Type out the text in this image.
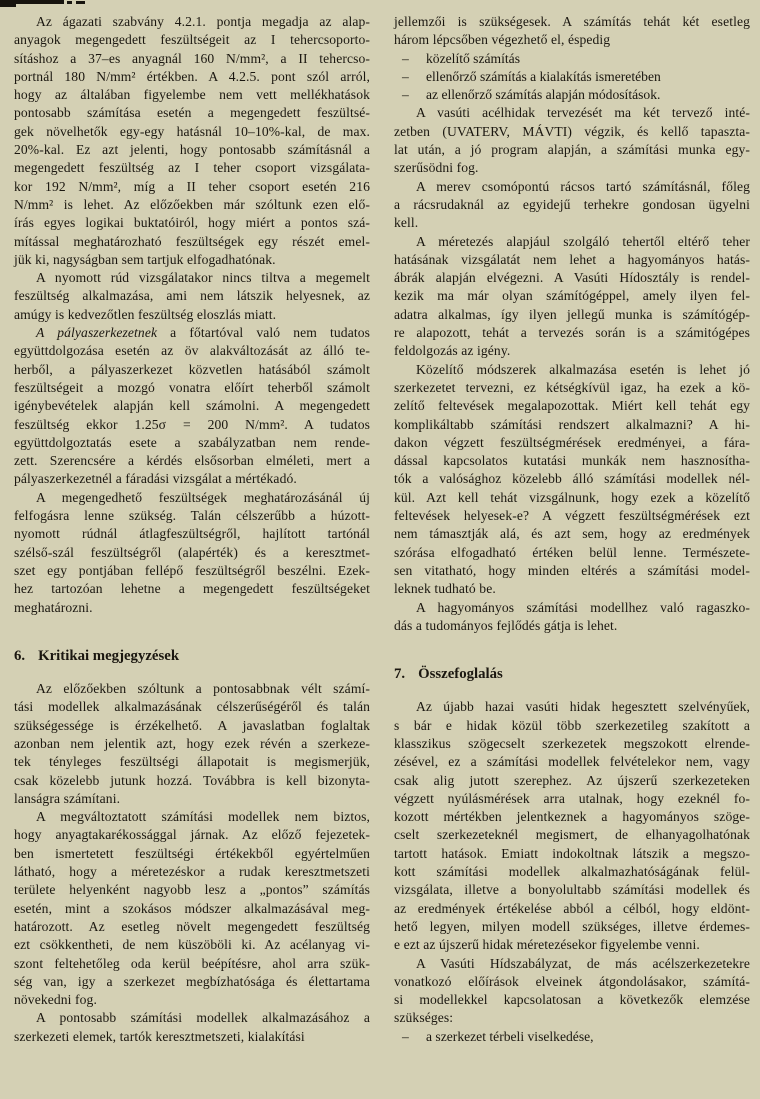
Az ágazati szabvány 4.2.1. pontja megadja az alap-
anyagok megengedett feszültségeit az I tehercsoporto-
sításhoz a 37–es anyagnál 160 N/mm², a II tehercso-
portnál 180 N/mm² értékben. A 4.2.5. pont szól arról,
hogy az általában figyelembe nem vett mellékhatások
pontosabb számítása esetén a megengedett feszültsé-
gek növelhetők egy-egy hatásnál 10–10%-kal, de max.
20%-kal. Ez azt jelenti, hogy pontosabb számításnál a
megengedett feszültség az I teher csoport vizsgálata-
kor 192 N/mm², míg a II teher csoport esetén 216
N/mm² is lehet. Az előzőekben már szóltunk ezen elő-
írás egyes logikai buktatóiról, hogy miért a pontos szá-
mítással meghatározható feszültségek egy részét emel-
jük ki, nagyságban sem tartjuk elfogadhatónak.
A nyomott rúd vizsgálatakor nincs tiltva a megemelt
feszültség alkalmazása, ami nem látszik helyesnek, az
amúgy is kedvezőtlen feszültség eloszlás miatt.
A pályaszerkezetnek a főtartóval való nem tudatos
együttdolgozása esetén az öv alakváltozását az álló te-
herből, a pályaszerkezet közvetlen hatásából számolt
feszültségeit a mozgó vonatra előírt teherből számolt
igénybevételek alapján kell számolni. A megengedett
feszültség ekkor 1.25σ = 200 N/mm². A tudatos
együttdolgoztatás esete a szabályzatban nem rende-
zett. Szerencsére a kérdés elsősorban elméleti, mert a
pályaszerkezetnél a fáradási vizsgálat a mértékadó.
A megengedhető feszültségek meghatározásánál új
felfogásra lenne szükség. Talán célszerűbb a húzott-
nyomott rúdnál átlagfeszültségről, hajlított tartónál
szélső-szál feszültségről (alapérték) és a keresztmet-
szet egy pontjában fellépő feszültségről beszélni. Ezek-
hez tartozóan lehetne a megengedett feszültségeket
meghatározni.
6. Kritikai megjegyzések
Az előzőekben szóltunk a pontosabbnak vélt számí-
tási modellek alkalmazásának célszerűségéről és talán
szükségessége is érzékelhető. A javaslatban foglaltak
azonban nem jelentik azt, hogy ezek révén a szerkeze-
tek tényleges feszültségi állapotait is megismerjük,
csak közelebb jutunk hozzá. Továbbra is kell bizonyta-
lanságra számítani.
A megváltoztatott számítási modellek nem biztos,
hogy anyagtakarékossággal járnak. Az előző fejezetek-
ben ismertetett feszültségi értékekből egyértelműen
látható, hogy a méretezéskor a rudak keresztmetszeti
területe helyenként nagyobb lesz a „pontos” számítás
esetén, mint a szokásos módszer alkalmazásával meg-
határozott. Az esetleg növelt megengedett feszültség
ezt csökkentheti, de nem küszöböli ki. Az acélanyag vi-
szont feltehetőleg oda kerül beépítésre, ahol arra szük-
ség van, igy a szerkezet megbízhatósága és élettartama
növekedni fog.
A pontosabb számítási modellek alkalmazásához a
szerkezeti elemek, tartók keresztmetszeti, kialakítási
jellemzői is szükségesek. A számítás tehát két esetleg
három lépcsőben végezhető el, éspedig
– közelítő számítás
– ellenőrző számítás a kialakítás ismeretében
– az ellenőrző számítás alapján módosítások.
A vasúti acélhidak tervezését ma két tervező inté-
zetben (UVATERV, MÁVTI) végzik, és kellő tapaszta-
lat után, a jó program alapján, a számítási munka egy-
szerűsödni fog.
A merev csomópontú rácsos tartó számításnál, főleg
a rácsrudaknál az egyidejű terhekre gondosan ügyelni
kell.
A méretezés alapjául szolgáló tehertől eltérő teher
hatásának vizsgálatát nem lehet a hagyományos hatás-
ábrák alapján elvégezni. A Vasúti Hídosztály is rendel-
kezik ma már olyan számítógéppel, amely ilyen fel-
adatra alkalmas, így ilyen jellegű munka is számítógép-
re alapozott, tehát a tervezés során is a számitógépes
feldolgozás az igény.
Közelítő módszerek alkalmazása esetén is lehet jó
szerkezetet tervezni, ez kétségkívül igaz, ha ezek a kö-
zelítő feltevések megalapozottak. Miért kell tehát egy
komplikáltabb számítási rendszert alkalmazni? A hi-
dakon végzett feszültségmérések eredményei, a fára-
dással kapcsolatos kutatási munkák nem hasznosítha-
tók a valósághoz közelebb álló számítási modellek nél-
kül. Azt kell tehát vizsgálnunk, hogy ezek a közelítő
feltevések helyesek-e? A végzett feszültségmérések ezt
nem támasztják alá, és azt sem, hogy az eredmények
szórása elfogadható értéken belül lenne. Természete-
sen vitatható, hogy minden eltérés a számítási model-
leknek tudható be.
A hagyományos számítási modellhez való ragaszko-
dás a tudományos fejlődés gátja is lehet.
7. Összefoglalás
Az újabb hazai vasúti hidak hegesztett szelvényűek,
s bár e hidak közül több szerkezetileg szakított a
klasszikus szögecselt szerkezetek megszokott elrende-
zésével, ez a számítási modellek felvételekor nem, vagy
csak alig jutott szerephez. Az újszerű szerkezeteken
végzett nyúlásmérések arra utalnak, hogy ezeknél fo-
kozott mértékben jelentkeznek a hagyományos szöge-
cselt szerkezeteknél megismert, de elhanyagolhatónak
tartott hatások. Emiatt indokoltnak látszik a megszo-
kott számítási modellek alkalmazhatóságának felül-
vizsgálata, illetve a bonyolultabb számítási modellek és
az eredmények értékelése abból a célból, hogy eldönt-
hető legyen, milyen modell szükséges, illetve érdemes-
e ezt az újszerű hidak méretezésekor figyelembe venni.
A Vasúti Hídszabályzat, de más acélszerkezetekre
vonatkozó előírások elveinek átgondolásakor, számítá-
si modellekkel kapcsolatosan a következők elemzése
szükséges:
– a szerkezet térbeli viselkedése,
